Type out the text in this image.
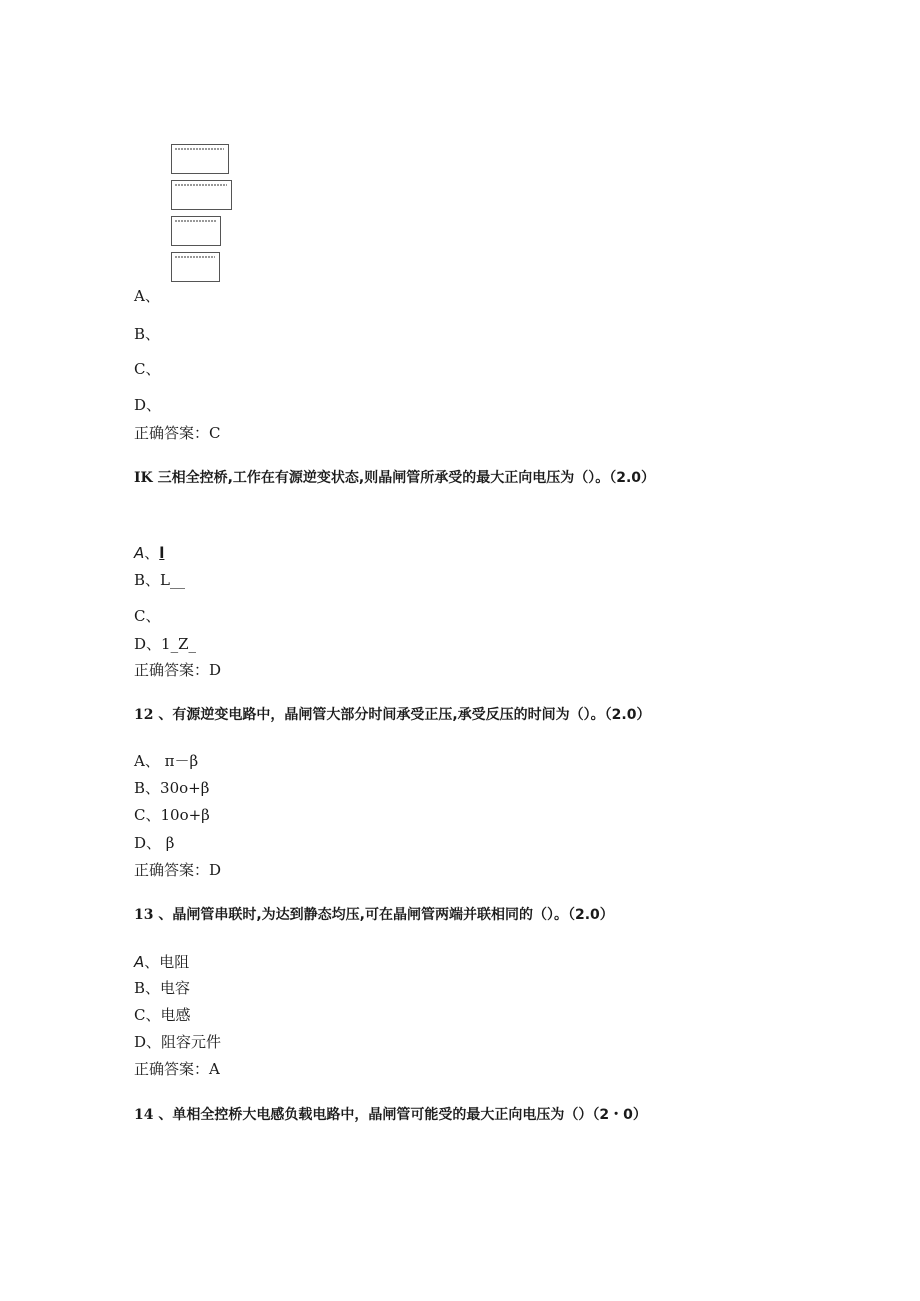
A、
B、
C、
D、
正确答案：C
IK 三相全控桥,工作在有源逆变状态,则晶闸管所承受的最大正向电压为（）。（2.0）
A、l
B、L__
C、
D、1_Z_
正确答案：D
12 、有源逆变电路中，晶闸管大部分时间承受正压,承受反压的时间为（）。（2.0）
A、 π－β
B、30o+β
C、10o+β
D、 β
正确答案：D
13 、晶闸管串联时,为达到静态均压,可在晶闸管两端并联相同的（）。（2.0）
A、电阻
B、电容
C、电感
D、阻容元件
正确答案：A
14 、单相全控桥大电感负载电路中，晶闸管可能受的最大正向电压为（）（2・0）
